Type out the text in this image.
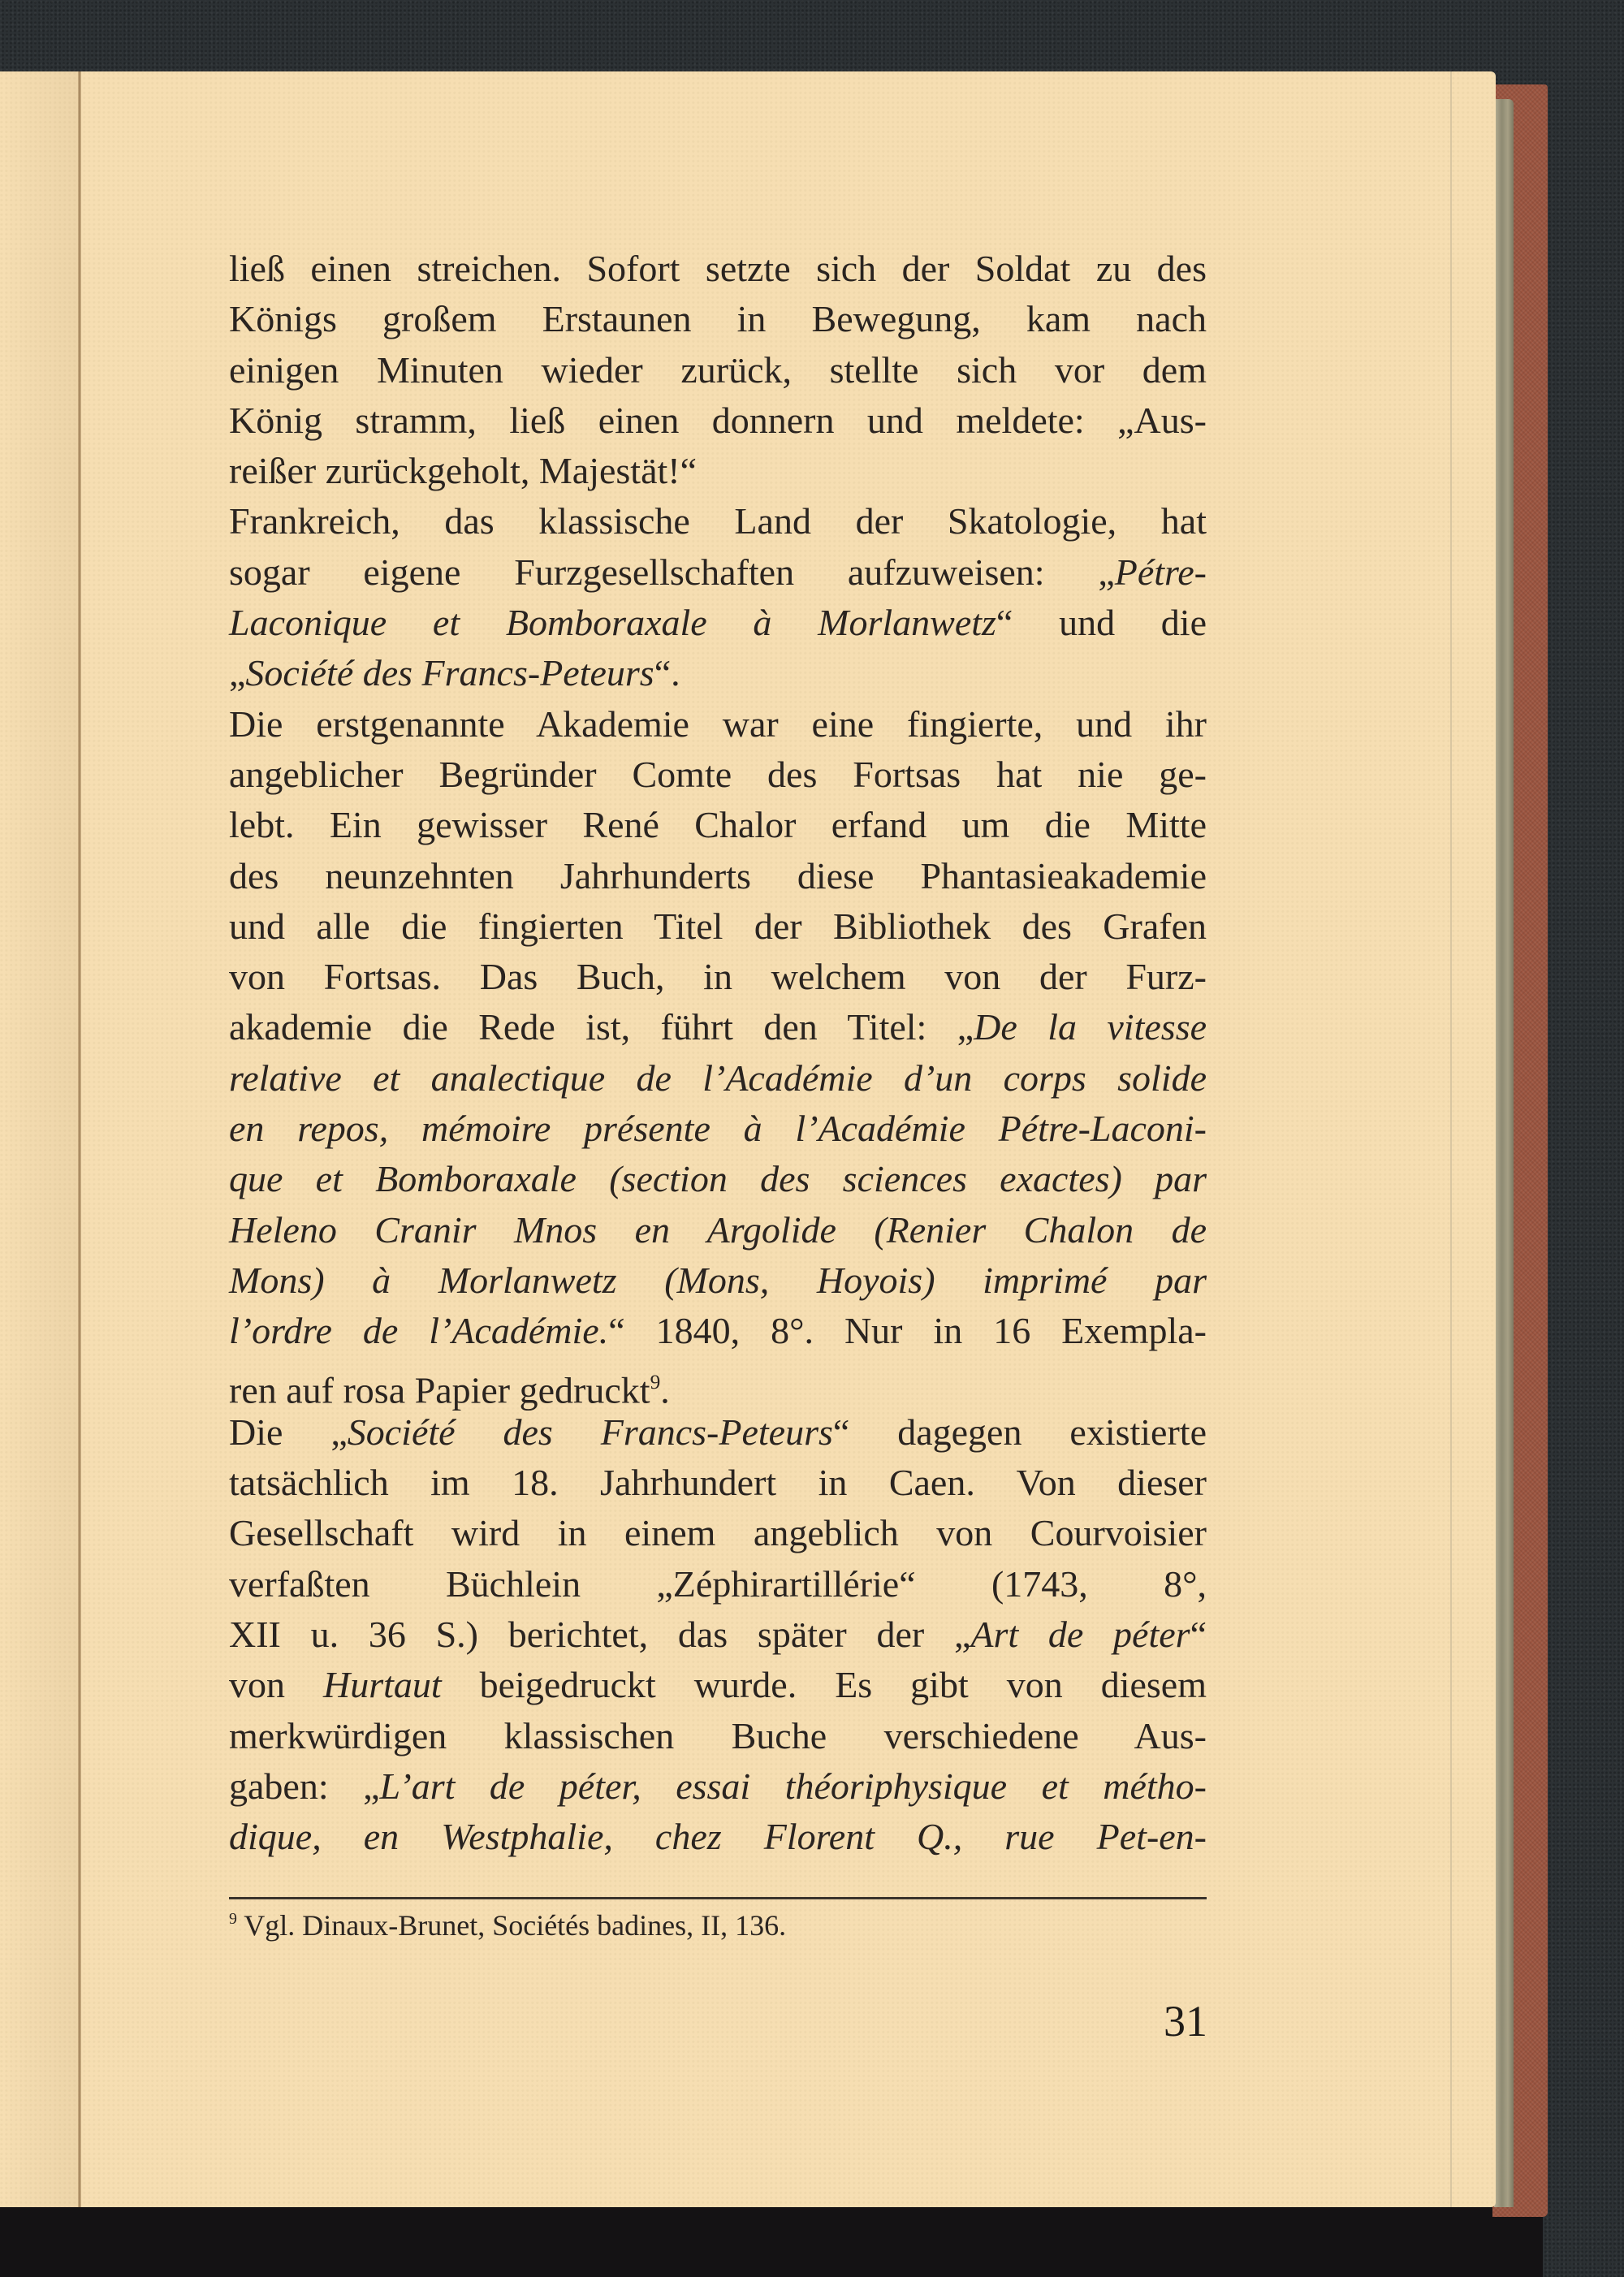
ließ einen streichen. Sofort setzte sich der Soldat zu des
Königs großem Erstaunen in Bewegung, kam nach
einigen Minuten wieder zurück, stellte sich vor dem
König stramm, ließ einen donnern und meldete: „Aus-
reißer zurückgeholt, Majestät!“
Frankreich, das klassische Land der Skatologie, hat
sogar eigene Furzgesellschaften aufzuweisen: „Pétre-
Laconique et Bomboraxale à Morlanwetz“ und die
„Société des Francs-Peteurs“.
Die erstgenannte Akademie war eine fingierte, und ihr
angeblicher Begründer Comte des Fortsas hat nie ge-
lebt. Ein gewisser René Chalor erfand um die Mitte
des neunzehnten Jahrhunderts diese Phantasieakademie
und alle die fingierten Titel der Bibliothek des Grafen
von Fortsas. Das Buch, in welchem von der Furz-
akademie die Rede ist, führt den Titel: „De la vitesse
relative et analectique de l’Académie d’un corps solide
en repos, mémoire présente à l’Académie Pétre-Laconi-
que et Bomboraxale (section des sciences exactes) par
Heleno Cranir Mnos en Argolide (Renier Chalon de
Mons) à Morlanwetz (Mons, Hoyois) imprimé par
l’ordre de l’Académie.“ 1840, 8°. Nur in 16 Exempla-
ren auf rosa Papier gedruckt$^9$.
Die „Société des Francs-Peteurs“ dagegen existierte
tatsächlich im 18. Jahrhundert in Caen. Von dieser
Gesellschaft wird in einem angeblich von Courvoisier
verfaßten Büchlein „Zéphirartillérie“ (1743, 8°,
XII u. 36 S.) berichtet, das später der „Art de péter“
von Hurtaut beigedruckt wurde. Es gibt von diesem
merkwürdigen klassischen Buche verschiedene Aus-
gaben: „L’art de péter, essai théoriphysique et métho-
dique, en Westphalie, chez Florent Q., rue Pet-en-
$^9$ Vgl. Dinaux-Brunet, Sociétés badines, II, 136.
31
